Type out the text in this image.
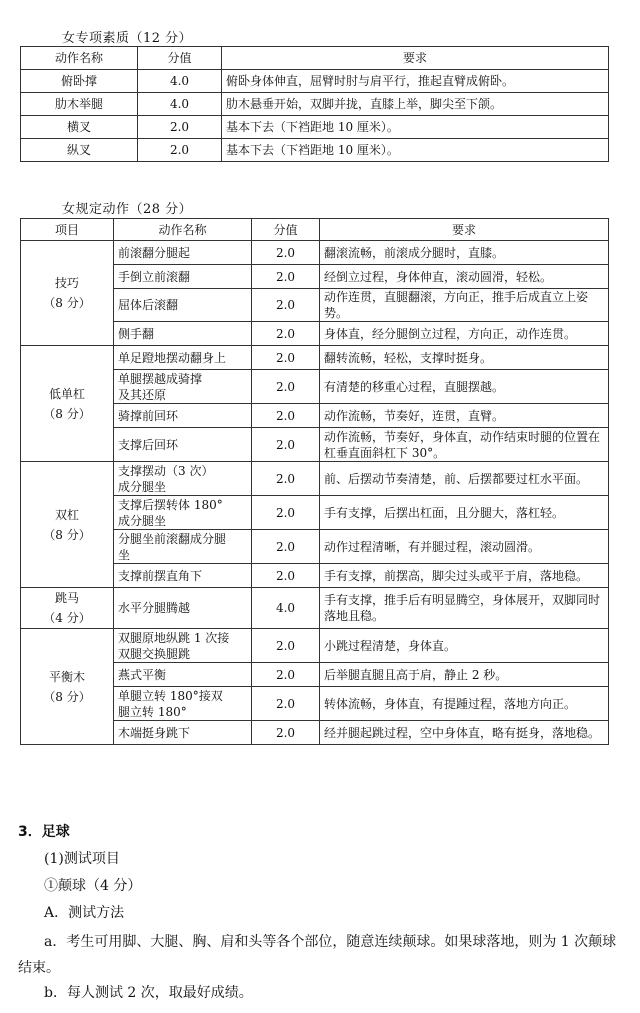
女专项素质（12 分）
动作名称	分值	要求
俯卧撑	4.0	俯卧身体伸直，屈臂时肘与肩平行，推起直臂成俯卧。
肋木举腿	4.0	肋木悬垂开始，双脚并拢，直膝上举，脚尖至下颌。
横叉	2.0	基本下去（下裆距地 10 厘米）。
纵叉	2.0	基本下去（下裆距地 10 厘米）。
女规定动作（28 分）
项目	动作名称	分值	要求
技巧
（8 分）	前滚翻分腿起	2.0	翻滚流畅，前滚成分腿时，直膝。
	手倒立前滚翻	2.0	经倒立过程，身体伸直，滚动圆滑，轻松。
	屈体后滚翻	2.0	动作连贯，直腿翻滚，方向正，推手后成直立上姿势。
	侧手翻	2.0	身体直，经分腿倒立过程，方向正，动作连贯。
低单杠
（8 分）	单足蹬地摆动翻身上	2.0	翻转流畅，轻松，支撑时挺身。
	单腿摆越成骑撑
及其还原	2.0	有清楚的移重心过程，直腿摆越。
	骑撑前回环	2.0	动作流畅，节奏好，连贯，直臂。
	支撑后回环	2.0	动作流畅，节奏好，身体直，动作结束时腿的位置在杠垂直面斜杠下 30°。
双杠
（8 分）	支撑摆动（3 次）
成分腿坐	2.0	前、后摆动节奏清楚，前、后摆都要过杠水平面。
	支撑后摆转体 180°
成分腿坐	2.0	手有支撑，后摆出杠面，且分腿大，落杠轻。
	分腿坐前滚翻成分腿
坐	2.0	动作过程清晰，有并腿过程，滚动圆滑。
	支撑前摆直角下	2.0	手有支撑，前摆高，脚尖过头或平于肩，落地稳。
跳马
（4 分）	水平分腿腾越	4.0	手有支撑，推手后有明显腾空，身体展开，双脚同时落地且稳。
平衡木
（8 分）	双腿原地纵跳 1 次接
双腿交换腿跳	2.0	小跳过程清楚，身体直。
	燕式平衡	2.0	后举腿直腿且高于肩，静止 2 秒。
	单腿立转 180°接双
腿立转 180°	2.0	转体流畅，身体直，有提踵过程，落地方向正。
	木端挺身跳下	2.0	经并腿起跳过程，空中身体直，略有挺身，落地稳。
3．足球
(1)测试项目
①颠球（4 分）
A．测试方法
a．考生可用脚、大腿、胸、肩和头等各个部位，随意连续颠球。如果球落地，则为 1 次颠球结束。
b．每人测试 2 次，取最好成绩。
